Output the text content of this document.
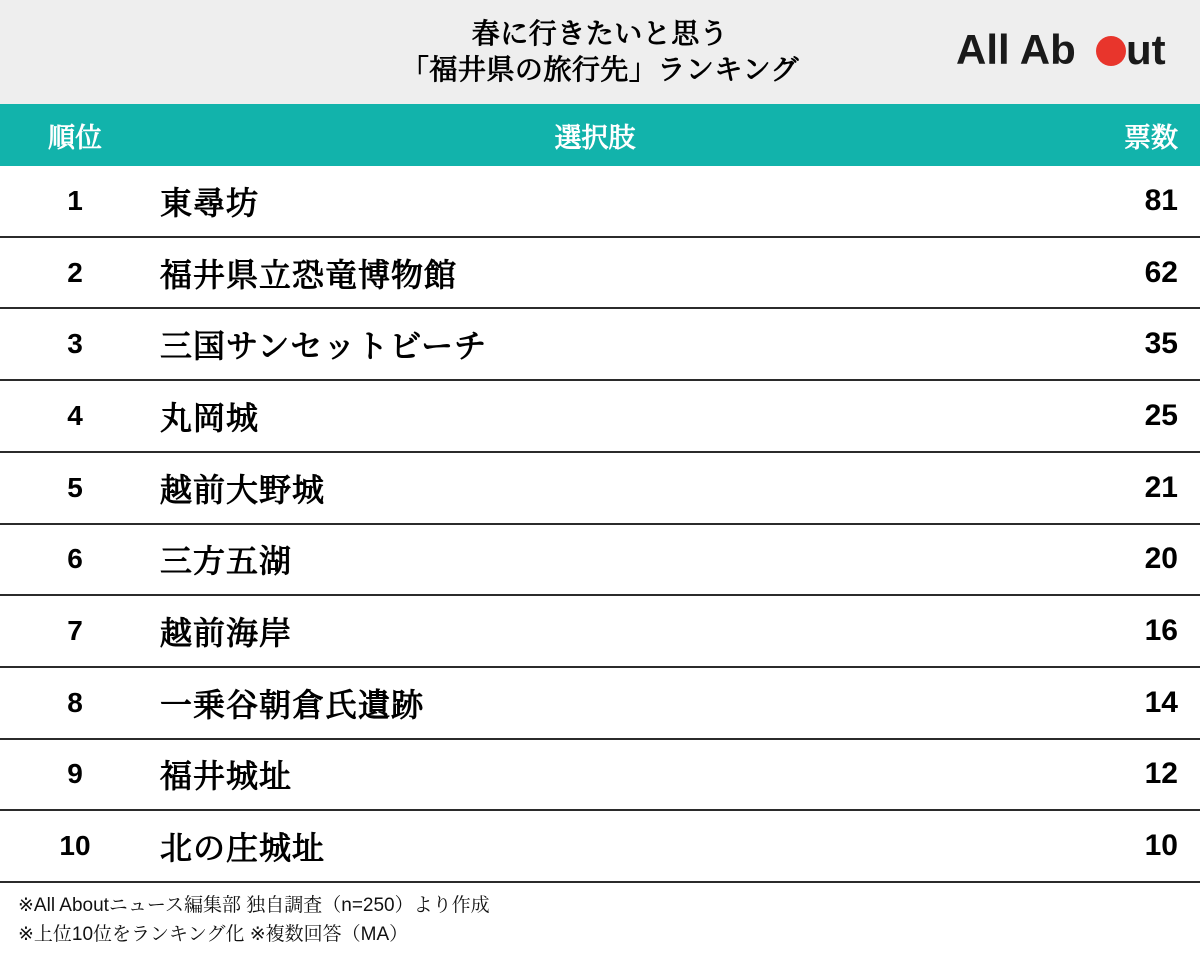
春に行きたいと思う
「福井県の旅行先」ランキング	All Ab ut
順位	選択肢	票数
1	東尋坊	81
2	福井県立恐竜博物館	62
3	三国サンセットビーチ	35
4	丸岡城	25
5	越前大野城	21
6	三方五湖	20
7	越前海岸	16
8	一乗谷朝倉氏遺跡	14
9	福井城址	12
10	北の庄城址	10
※All Aboutニュース編集部 独自調査（n=250）より作成
※上位10位をランキング化 ※複数回答（MA）
